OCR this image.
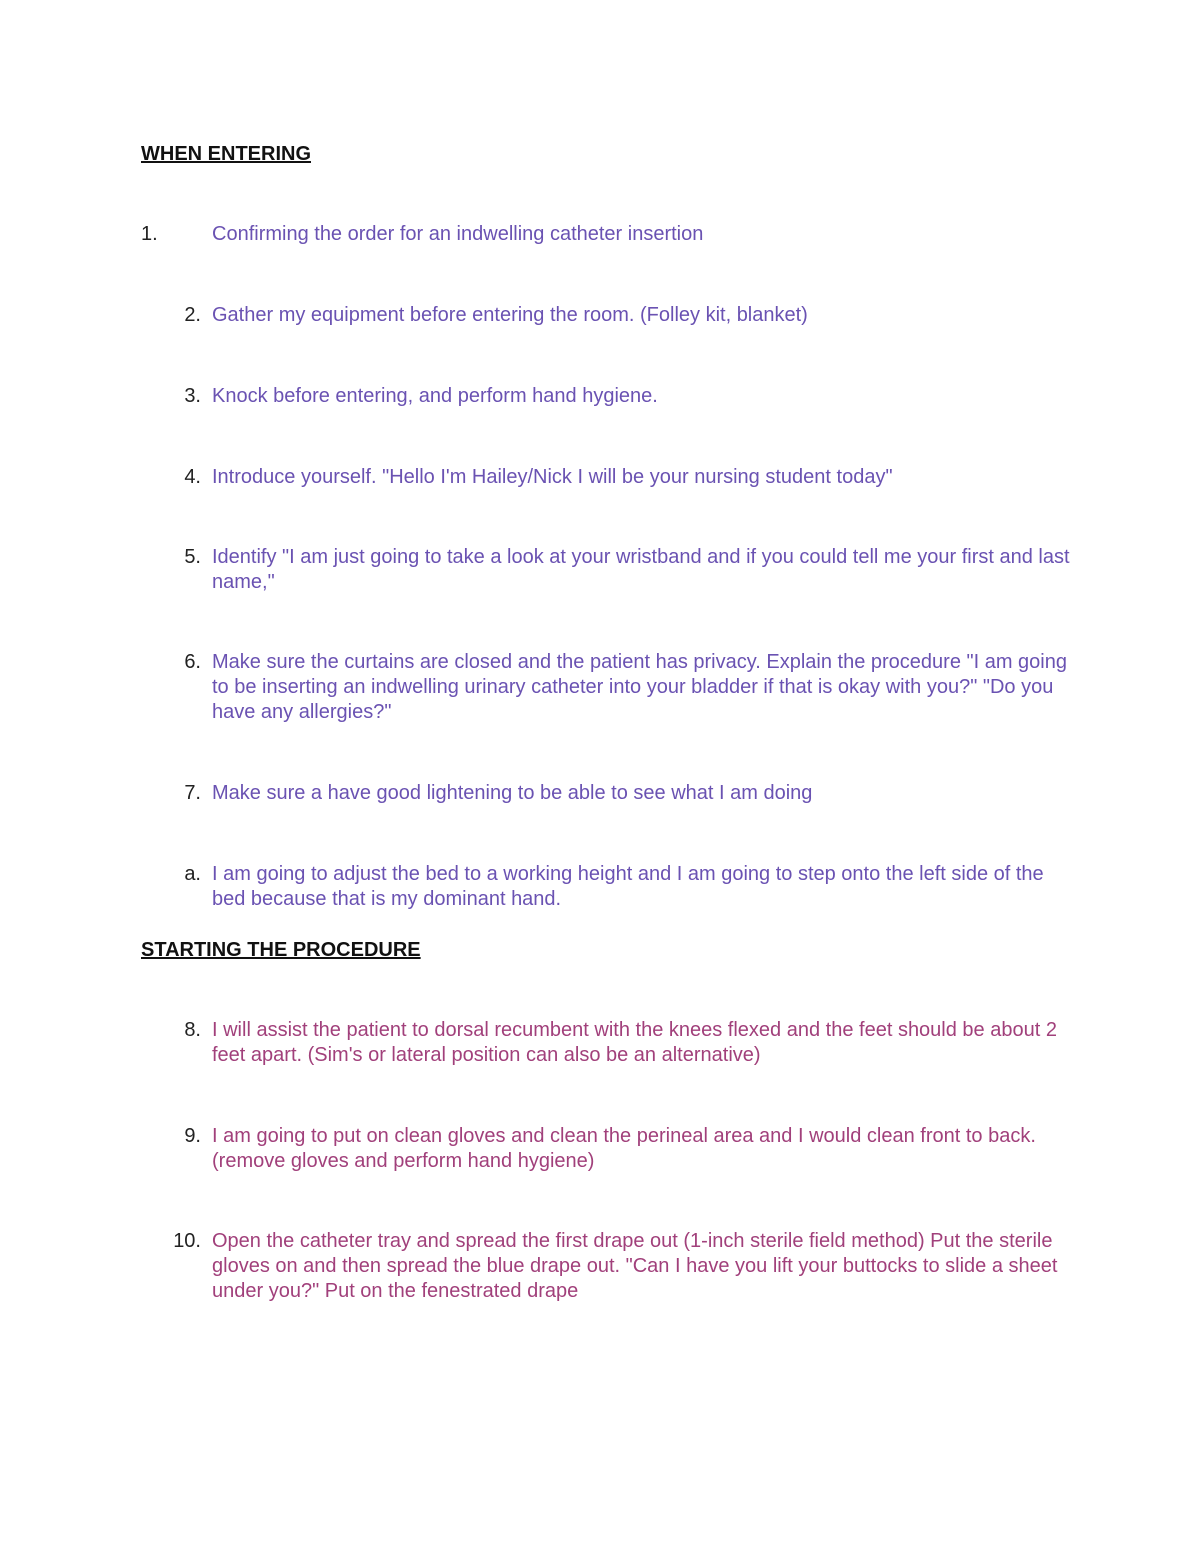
WHEN ENTERING
1.	Confirming the order for an indwelling catheter insertion
2. Gather my equipment before entering the room. (Folley kit, blanket)
3. Knock before entering, and perform hand hygiene.
4. Introduce yourself. "Hello I'm Hailey/Nick I will be your nursing student today"
5. Identify "I am just going to take a look at your wristband and if you could tell me your first and last name,"
6. Make sure the curtains are closed and the patient has privacy. Explain the procedure "I am going to be inserting an indwelling urinary catheter into your bladder if that is okay with you?" "Do you have any allergies?"
7. Make sure a have good lightening to be able to see what I am doing
a. I am going to adjust the bed to a working height and I am going to step onto the left side of the bed because that is my dominant hand.
STARTING THE PROCEDURE
8. I will assist the patient to dorsal recumbent with the knees flexed and the feet should be about 2 feet apart. (Sim's or lateral position can also be an alternative)
9. I am going to put on clean gloves and clean the perineal area and I would clean front to back. (remove gloves and perform hand hygiene)
10. Open the catheter tray and spread the first drape out (1-inch sterile field method) Put the sterile gloves on and then spread the blue drape out. "Can I have you lift your buttocks to slide a sheet under you?" Put on the fenestrated drape
